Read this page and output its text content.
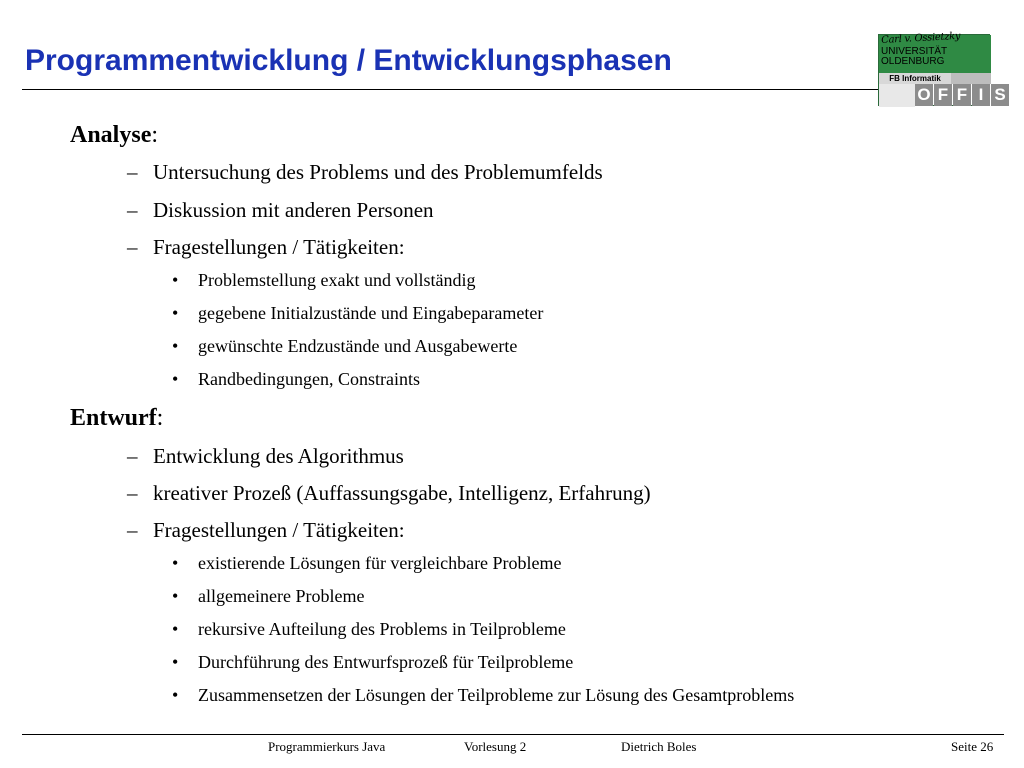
Programmentwicklung / Entwicklungsphasen
Carl v. Ossietzky
UNIVERSITÄT
OLDENBURG
FB Informatik
O F F I S
Analyse:
– Untersuchung des Problems und des Problemumfelds
– Diskussion mit anderen Personen
– Fragestellungen / Tätigkeiten:
• Problemstellung exakt und vollständig
• gegebene Initialzustände und Eingabeparameter
• gewünschte Endzustände und Ausgabewerte
• Randbedingungen, Constraints
Entwurf:
– Entwicklung des Algorithmus
– kreativer Prozeß (Auffassungsgabe, Intelligenz, Erfahrung)
– Fragestellungen / Tätigkeiten:
• existierende Lösungen für vergleichbare Probleme
• allgemeinere Probleme
• rekursive Aufteilung des Problems in Teilprobleme
• Durchführung des Entwurfsprozeß für Teilprobleme
• Zusammensetzen der Lösungen der Teilprobleme zur Lösung des Gesamtproblems
Programmierkurs Java	Vorlesung 2	Dietrich Boles	Seite 26
